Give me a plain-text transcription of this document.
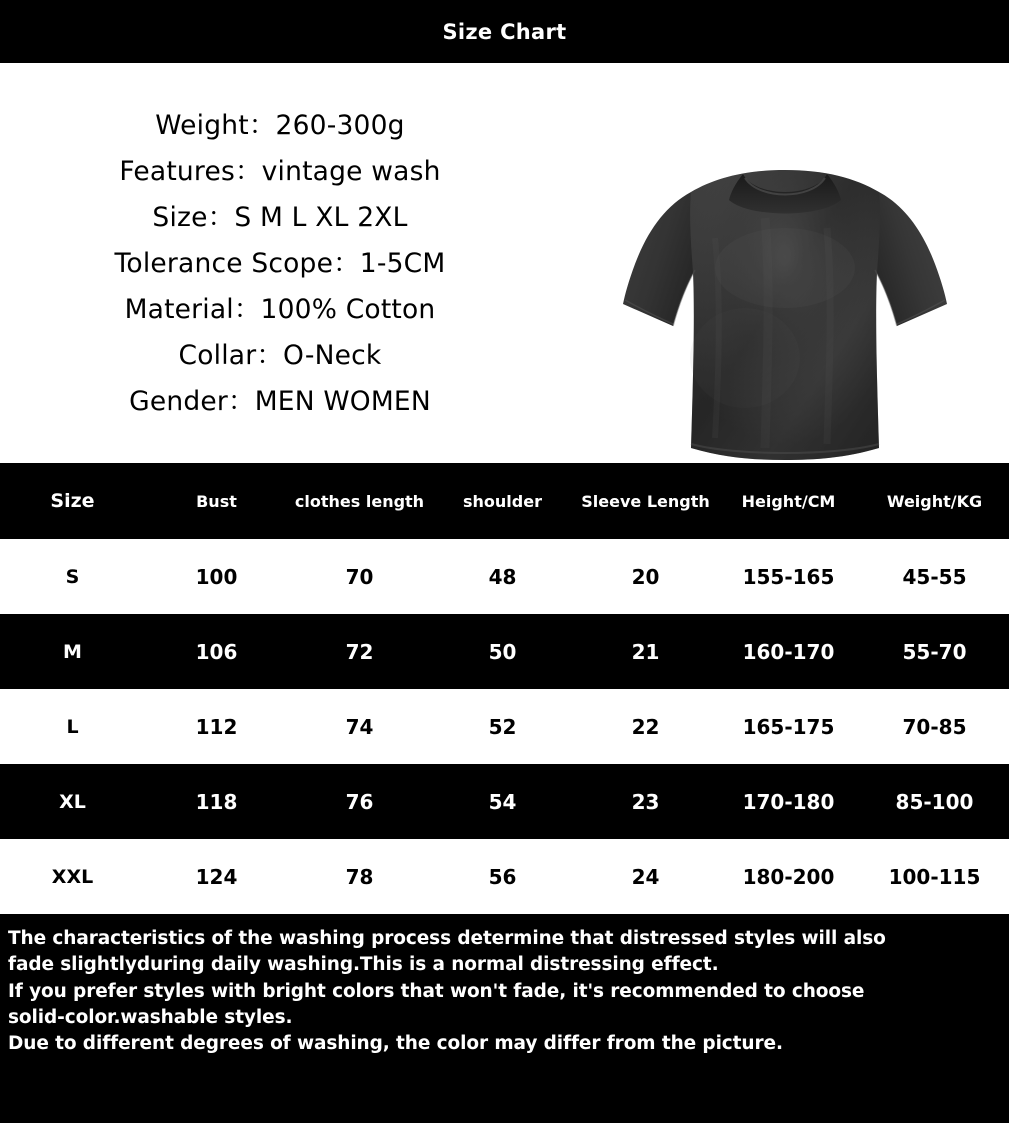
Size Chart
Weight：260-300g
Features：vintage wash
Size：S M L XL 2XL
Tolerance Scope：1-5CM
Material：100% Cotton
Collar：O-Neck
Gender：MEN WOMEN
Size	Bust	clothes length	shoulder	Sleeve Length	Height/CM	Weight/KG
S	100	70	48	20	155-165	45-55
M	106	72	50	21	160-170	55-70
L	112	74	52	22	165-175	70-85
XL	118	76	54	23	170-180	85-100
XXL	124	78	56	24	180-200	100-115
The characteristics of the washing process determine that distressed styles will also
fade slightlyduring daily washing.This is a normal distressing effect.
If you prefer styles with bright colors that won't fade, it's recommended to choose
solid-color.washable styles.
Due to different degrees of washing, the color may differ from the picture.
